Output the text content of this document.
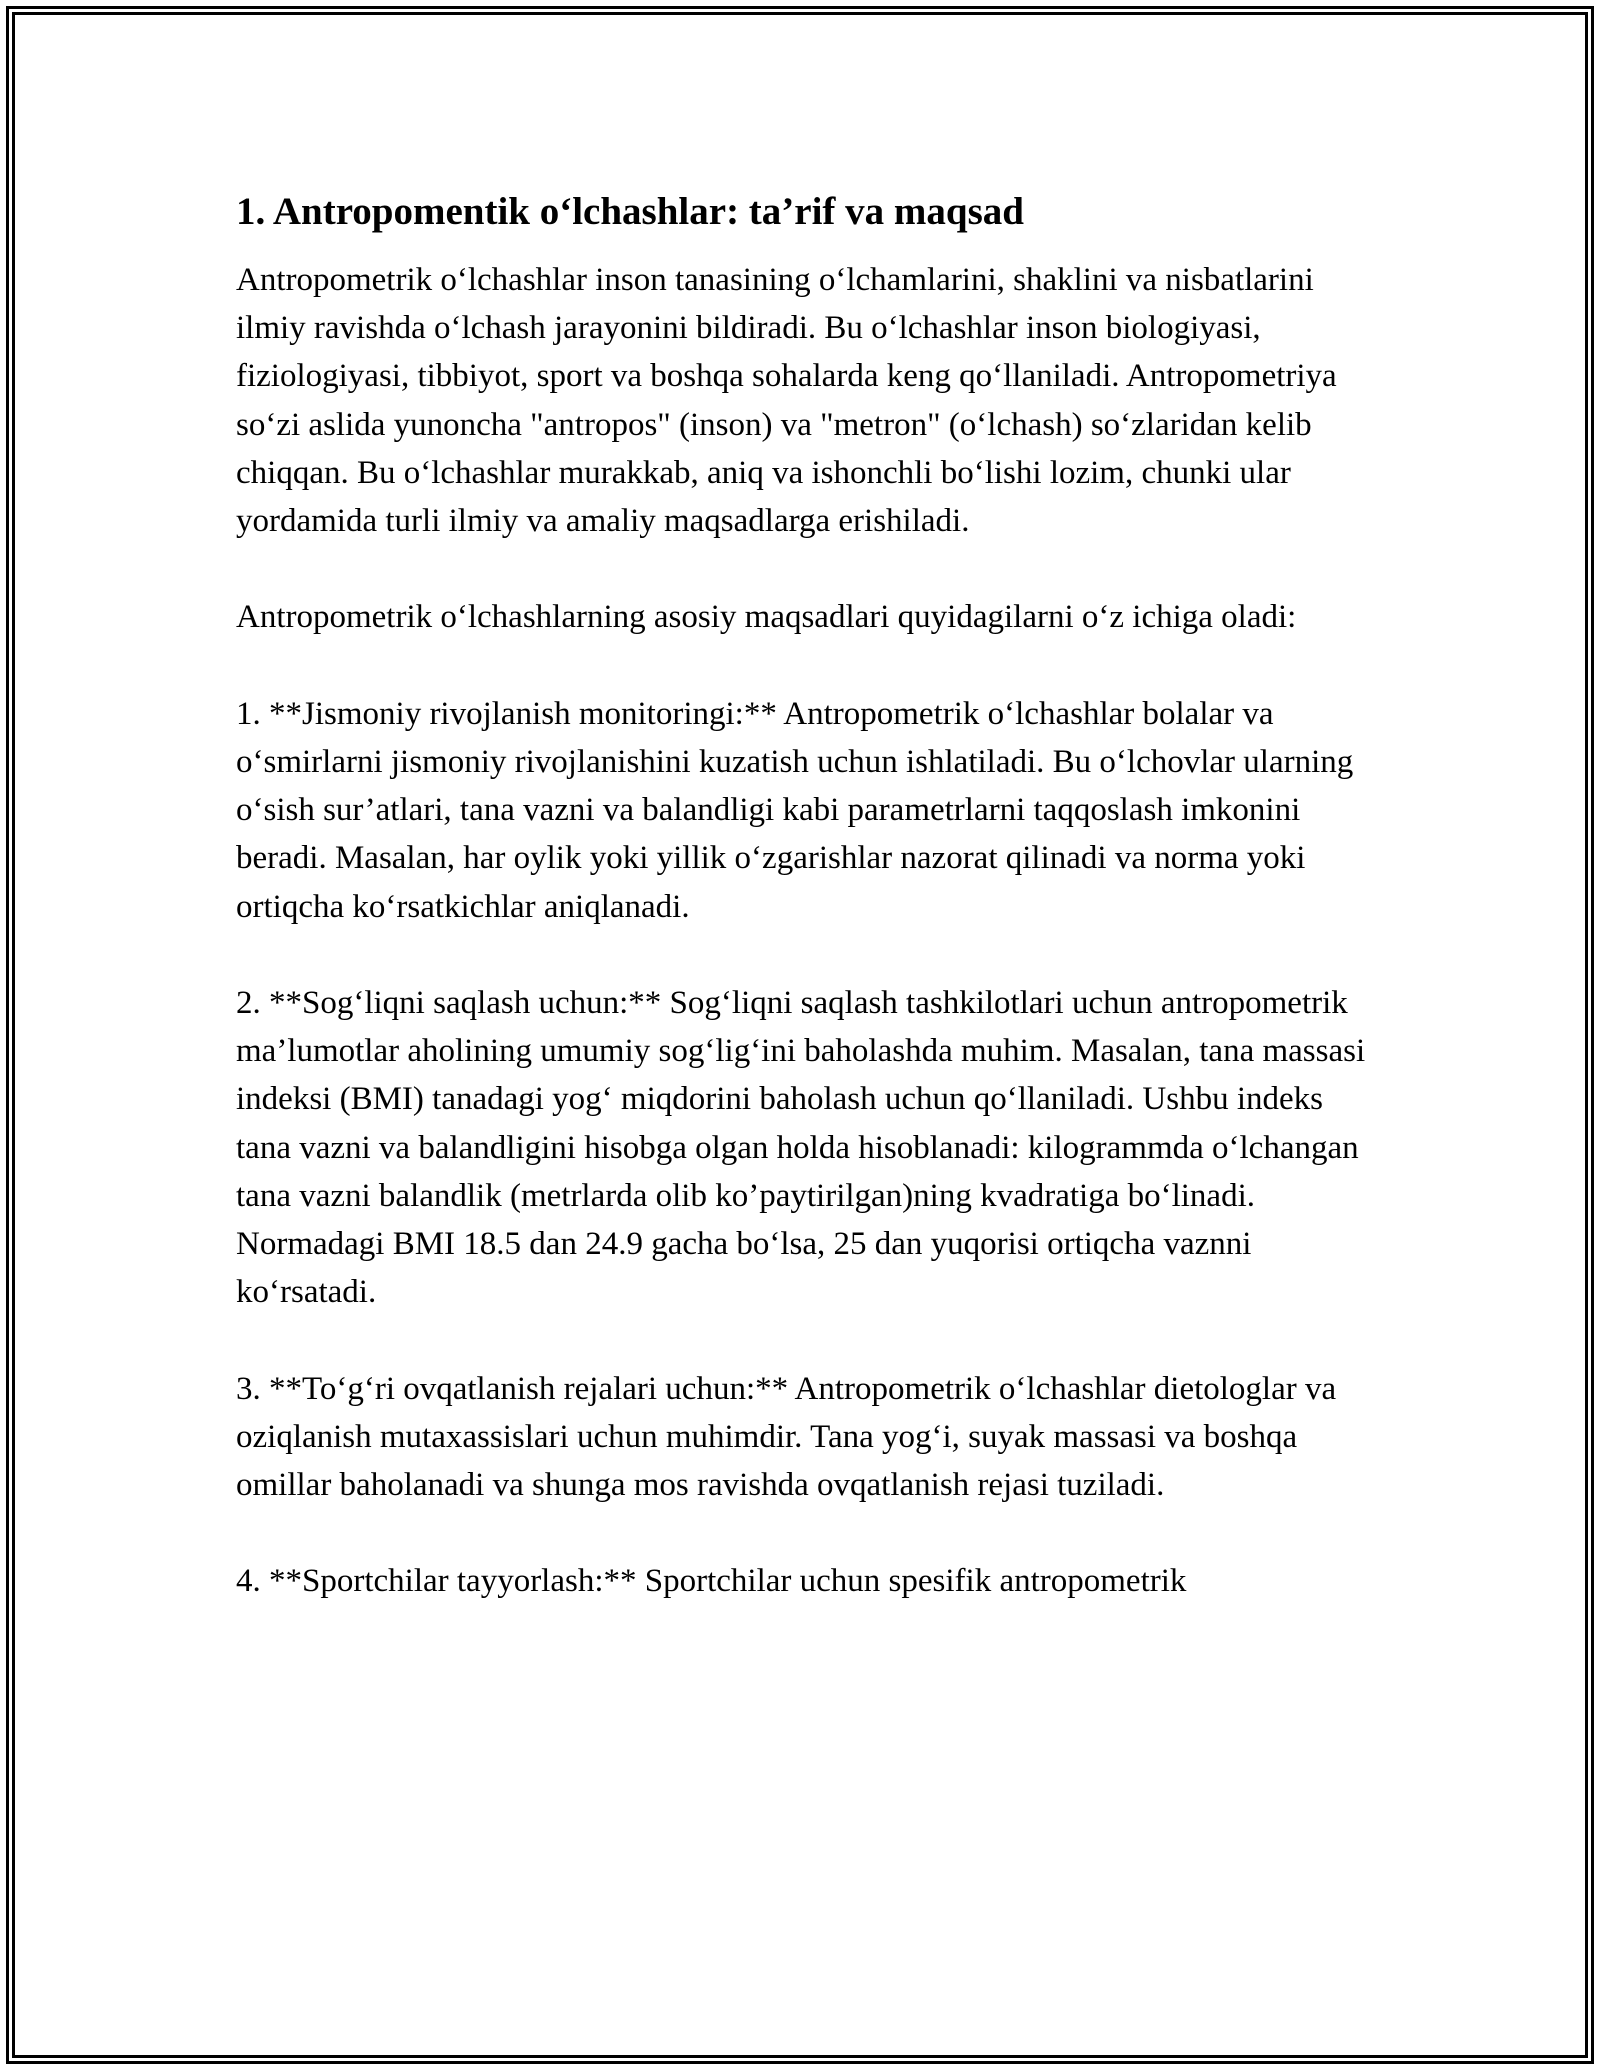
1. Antropomentik o‘lchashlar: ta’rif va maqsad

Antropometrik o‘lchashlar inson tanasining o‘lchamlarini, shaklini va nisbatlarini ilmiy ravishda o‘lchash jarayonini bildiradi. Bu o‘lchashlar inson biologiyasi, fiziologiyasi, tibbiyot, sport va boshqa sohalarda keng qo‘llaniladi. Antropometriya so‘zi aslida yunoncha "antropos" (inson) va "metron" (o‘lchash) so‘zlaridan kelib chiqqan. Bu o‘lchashlar murakkab, aniq va ishonchli bo‘lishi lozim, chunki ular yordamida turli ilmiy va amaliy maqsadlarga erishiladi.

Antropometrik o‘lchashlarning asosiy maqsadlari quyidagilarni o‘z ichiga oladi:

1. **Jismoniy rivojlanish monitoringi:** Antropometrik o‘lchashlar bolalar va o‘smirlarni jismoniy rivojlanishini kuzatish uchun ishlatiladi. Bu o‘lchovlar ularning o‘sish sur’atlari, tana vazni va balandligi kabi parametrlarni taqqoslash imkonini beradi. Masalan, har oylik yoki yillik o‘zgarishlar nazorat qilinadi va norma yoki ortiqcha ko‘rsatkichlar aniqlanadi.

2. **Sog‘liqni saqlash uchun:** Sog‘liqni saqlash tashkilotlari uchun antropometrik ma’lumotlar aholining umumiy sog‘lig‘ini baholashda muhim. Masalan, tana massasi indeksi (BMI) tanadagi yog‘ miqdorini baholash uchun qo‘llaniladi. Ushbu indeks tana vazni va balandligini hisobga olgan holda hisoblanadi: kilogrammda o‘lchangan tana vazni balandlik (metrlarda olib ko’paytirilgan)ning kvadratiga bo‘linadi. Normadagi BMI 18.5 dan 24.9 gacha bo‘lsa, 25 dan yuqorisi ortiqcha vaznni ko‘rsatadi.

3. **To‘g‘ri ovqatlanish rejalari uchun:** Antropometrik o‘lchashlar dietologlar va oziqlanish mutaxassislari uchun muhimdir. Tana yog‘i, suyak massasi va boshqa omillar baholanadi va shunga mos ravishda ovqatlanish rejasi tuziladi.

4. **Sportchilar tayyorlash:** Sportchilar uchun spesifik antropometrik
